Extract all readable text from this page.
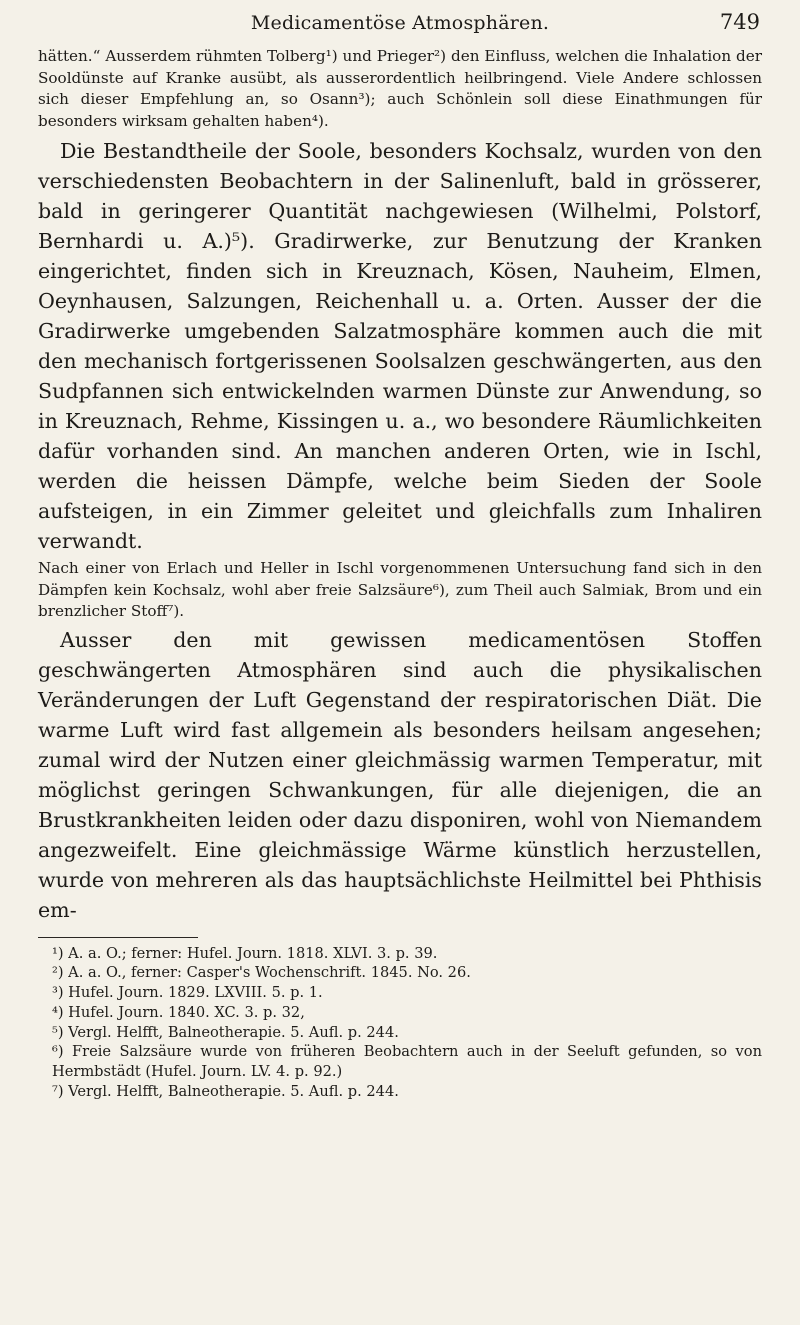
Medicamentöse Atmosphären.	749

hätten.“ Ausserdem rühmten Tolberg¹) und Prieger²) den Einfluss, welchen die Inhalation der Sooldünste auf Kranke ausübt, als ausserordentlich heilbringend. Viele Andere schlossen sich dieser Empfehlung an, so Osann³); auch Schönlein soll diese Einathmungen für besonders wirksam gehalten haben⁴).

Die Bestandtheile der Soole, besonders Kochsalz, wurden von den verschiedensten Beobachtern in der Salinenluft, bald in grösserer, bald in geringerer Quantität nachgewiesen (Wilhelmi, Polstorf, Bernhardi u. A.)⁵). Gradirwerke, zur Benutzung der Kranken eingerichtet, finden sich in Kreuznach, Kösen, Nauheim, Elmen, Oeynhausen, Salzungen, Reichenhall u. a. Orten. Ausser der die Gradirwerke umgebenden Salzatmosphäre kommen auch die mit den mechanisch fortgerissenen Soolsalzen geschwängerten, aus den Sudpfannen sich entwickelnden warmen Dünste zur Anwendung, so in Kreuznach, Rehme, Kissingen u. a., wo besondere Räumlichkeiten dafür vorhanden sind. An manchen anderen Orten, wie in Ischl, werden die heissen Dämpfe, welche beim Sieden der Soole aufsteigen, in ein Zimmer geleitet und gleichfalls zum Inhaliren verwandt.

Nach einer von Erlach und Heller in Ischl vorgenommenen Untersuchung fand sich in den Dämpfen kein Kochsalz, wohl aber freie Salzsäure⁶), zum Theil auch Salmiak, Brom und ein brenzlicher Stoff⁷).

Ausser den mit gewissen medicamentösen Stoffen geschwängerten Atmosphären sind auch die physikalischen Veränderungen der Luft Gegenstand der respiratorischen Diät. Die warme Luft wird fast allgemein als besonders heilsam angesehen; zumal wird der Nutzen einer gleichmässig warmen Temperatur, mit möglichst geringen Schwankungen, für alle diejenigen, die an Brustkrankheiten leiden oder dazu disponiren, wohl von Niemandem angezweifelt. Eine gleichmässige Wärme künstlich herzustellen, wurde von mehreren als das hauptsächlichste Heilmittel bei Phthisis em-

¹) A. a. O.; ferner: Hufel. Journ. 1818. XLVI. 3. p. 39.

²) A. a. O., ferner: Casper's Wochenschrift. 1845. No. 26.

³) Hufel. Journ. 1829. LXVIII. 5. p. 1.

⁴) Hufel. Journ. 1840. XC. 3. p. 32,

⁵) Vergl. Helfft, Balneotherapie. 5. Aufl. p. 244.

⁶) Freie Salzsäure wurde von früheren Beobachtern auch in der Seeluft gefunden, so von Hermbstädt (Hufel. Journ. LV. 4. p. 92.)

⁷) Vergl. Helfft, Balneotherapie. 5. Aufl. p. 244.
